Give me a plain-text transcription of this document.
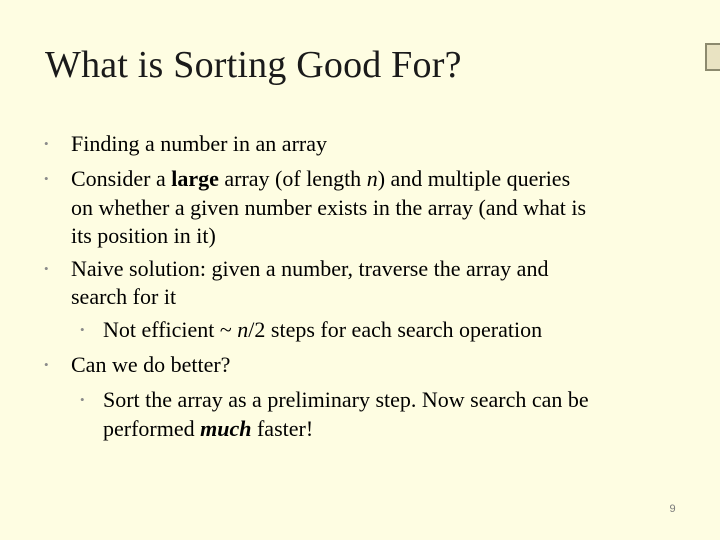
What is Sorting Good For?
• Finding a number in an array
• Consider a large array (of length n) and multiple queries
on whether a given number exists in the array (and what is
its position in it)
• Naive solution: given a number, traverse the array and
search for it
• Not efficient ~ n/2 steps for each search operation
• Can we do better?
• Sort the array as a preliminary step. Now search can be
performed much faster!
9
